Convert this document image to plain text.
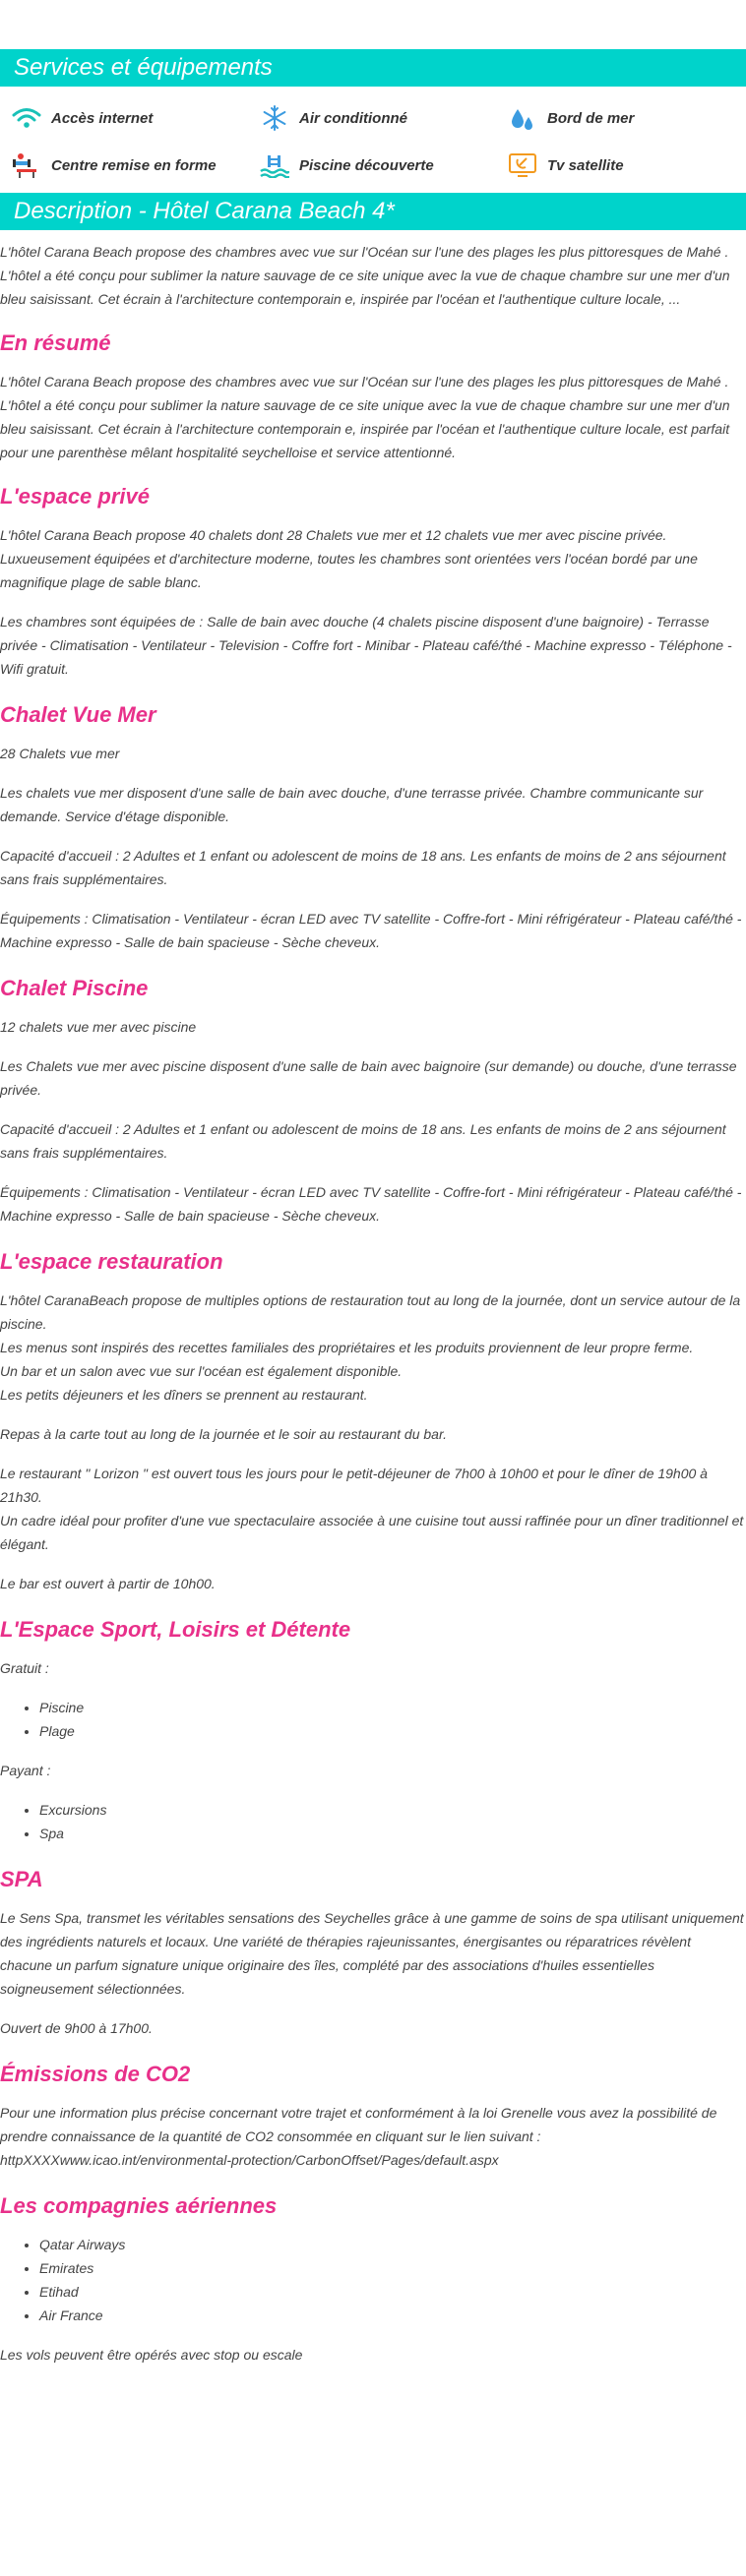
Services et équipements
Accès internet	Air conditionné	Bord de mer
Centre remise en forme	Piscine découverte	Tv satellite
Description - Hôtel Carana Beach 4*

L'hôtel Carana Beach propose des chambres avec vue sur l'Océan sur l'une des plages les plus pittoresques de Mahé .

L'hôtel a été conçu pour sublimer la nature sauvage de ce site unique avec la vue de chaque chambre sur une mer d'un bleu saisissant. Cet écrain à l'architecture contemporain e, inspirée par l'océan et l'authentique culture locale, ...

En résumé

L'hôtel Carana Beach propose des chambres avec vue sur l'Océan sur l'une des plages les plus pittoresques de Mahé .

L'hôtel a été conçu pour sublimer la nature sauvage de ce site unique avec la vue de chaque chambre sur une mer d'un bleu saisissant. Cet écrain à l'architecture contemporain e, inspirée par l'océan et l'authentique culture locale, est parfait pour une parenthèse mêlant hospitalité seychelloise et service attentionné.

L'espace privé

L'hôtel Carana Beach propose 40 chalets dont 28 Chalets vue mer et 12 chalets vue mer avec piscine privée. Luxueusement équipées et d'architecture moderne, toutes les chambres sont orientées vers l'océan bordé par une magnifique plage de sable blanc.

Les chambres sont équipées de : Salle de bain avec douche (4 chalets piscine disposent d'une baignoire) - Terrasse privée - Climatisation - Ventilateur - Television - Coffre fort - Minibar - Plateau café/thé - Machine expresso - Téléphone - Wifi gratuit.

Chalet Vue Mer

28 Chalets vue mer

Les chalets vue mer disposent d'une salle de bain avec douche, d'une terrasse privée. Chambre communicante sur demande. Service d'étage disponible.

Capacité d'accueil : 2 Adultes et 1 enfant ou adolescent de moins de 18 ans. Les enfants de moins de 2 ans séjournent sans frais supplémentaires.

Équipements : Climatisation - Ventilateur - écran LED avec TV satellite - Coffre-fort - Mini réfrigérateur - Plateau café/thé - Machine expresso - Salle de bain spacieuse - Sèche cheveux.

Chalet Piscine

12 chalets vue mer avec piscine

Les Chalets vue mer avec piscine disposent d'une salle de bain avec baignoire (sur demande) ou douche, d'une terrasse privée.

Capacité d'accueil : 2 Adultes et 1 enfant ou adolescent de moins de 18 ans. Les enfants de moins de 2 ans séjournent sans frais supplémentaires.

Équipements : Climatisation - Ventilateur - écran LED avec TV satellite - Coffre-fort - Mini réfrigérateur - Plateau café/thé - Machine expresso - Salle de bain spacieuse - Sèche cheveux.

L'espace restauration

L'hôtel CaranaBeach propose de multiples options de restauration tout au long de la journée, dont un service autour de la piscine.

Les menus sont inspirés des recettes familiales des propriétaires et les produits proviennent de leur propre ferme.

Un bar et un salon avec vue sur l'océan est également disponible.

Les petits déjeuners et les dîners se prennent au restaurant.

Repas à la carte tout au long de la journée et le soir au restaurant du bar.

Le restaurant " Lorizon " est ouvert tous les jours pour le petit-déjeuner de 7h00 à 10h00 et pour le dîner de 19h00 à 21h30.

Un cadre idéal pour profiter d'une vue spectaculaire associée à une cuisine tout aussi raffinée pour un dîner traditionnel et élégant.

Le bar est ouvert à partir de 10h00.

L'Espace Sport, Loisirs et Détente

Gratuit :

• Piscine
• Plage

Payant :

• Excursions
• Spa
SPA

Le Sens Spa, transmet les véritables sensations des Seychelles grâce à une gamme de soins de spa utilisant uniquement des ingrédients naturels et locaux. Une variété de thérapies rajeunissantes, énergisantes ou réparatrices révèlent chacune un parfum signature unique originaire des îles, complété par des associations d'huiles essentielles soigneusement sélectionnées.

Ouvert de 9h00 à 17h00.

Émissions de CO2

Pour une information plus précise concernant votre trajet et conformément à la loi Grenelle vous avez la possibilité de prendre connaissance de la quantité de CO2 consommée en cliquant sur le lien suivant :

httpXXXXwww.icao.int/environmental-protection/CarbonOffset/Pages/default.aspx

Les compagnies aériennes
• Qatar Airways
• Emirates
• Etihad
• Air France

Les vols peuvent être opérés avec stop ou escale
